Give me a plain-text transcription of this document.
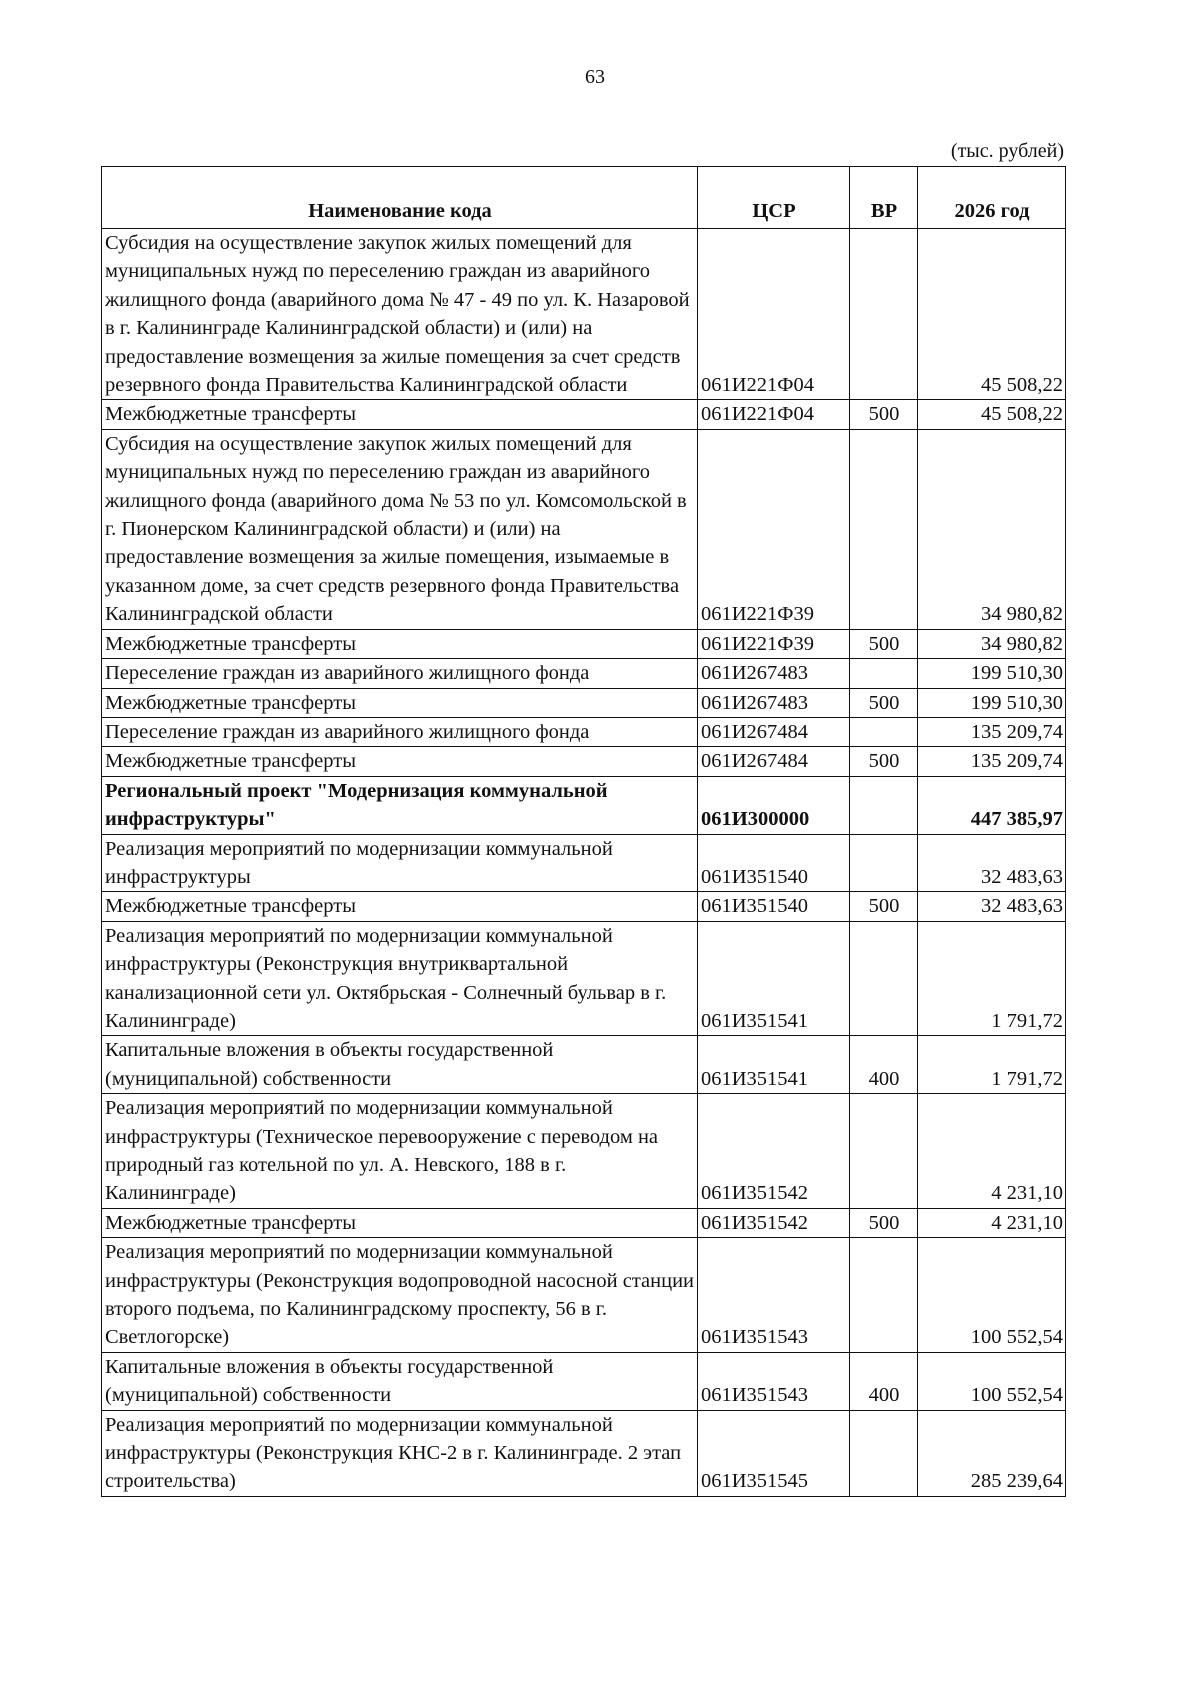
63
(тыс. рублей)
Наименование кода	ЦСР	ВР	2026 год
Субсидия на осуществление закупок жилых помещений для муниципальных нужд по переселению граждан из аварийного жилищного фонда (аварийного дома № 47 - 49 по ул. К. Назаровой в г. Калининграде Калининградской области) и (или) на предоставление возмещения за жилые помещения за счет средств резервного фонда Правительства Калининградской области	061И221Ф04		45 508,22
Межбюджетные трансферты	061И221Ф04	500	45 508,22
Субсидия на осуществление закупок жилых помещений для муниципальных нужд по переселению граждан из аварийного жилищного фонда (аварийного дома № 53 по ул. Комсомольской в г. Пионерском Калининградской области) и (или) на предоставление возмещения за жилые помещения, изымаемые в указанном доме, за счет средств резервного фонда Правительства Калининградской области	061И221Ф39		34 980,82
Межбюджетные трансферты	061И221Ф39	500	34 980,82
Переселение граждан из аварийного жилищного фонда	061И267483		199 510,30
Межбюджетные трансферты	061И267483	500	199 510,30
Переселение граждан из аварийного жилищного фонда	061И267484		135 209,74
Межбюджетные трансферты	061И267484	500	135 209,74
Региональный проект "Модернизация коммунальной инфраструктуры"	061И300000		447 385,97
Реализация мероприятий по модернизации коммунальной инфраструктуры	061И351540		32 483,63
Межбюджетные трансферты	061И351540	500	32 483,63
Реализация мероприятий по модернизации коммунальной инфраструктуры (Реконструкция внутриквартальной канализационной сети ул. Октябрьская - Солнечный бульвар в г. Калининграде)	061И351541		1 791,72
Капитальные вложения в объекты государственной (муниципальной) собственности	061И351541	400	1 791,72
Реализация мероприятий по модернизации коммунальной инфраструктуры (Техническое перевооружение с переводом на природный газ котельной по ул. А. Невского, 188 в г. Калининграде)	061И351542		4 231,10
Межбюджетные трансферты	061И351542	500	4 231,10
Реализация мероприятий по модернизации коммунальной инфраструктуры (Реконструкция водопроводной насосной станции второго подъема, по Калининградскому проспекту, 56 в г. Светлогорске)	061И351543		100 552,54
Капитальные вложения в объекты государственной (муниципальной) собственности	061И351543	400	100 552,54
Реализация мероприятий по модернизации коммунальной инфраструктуры (Реконструкция КНС-2 в г. Калининграде. 2 этап строительства)	061И351545		285 239,64
